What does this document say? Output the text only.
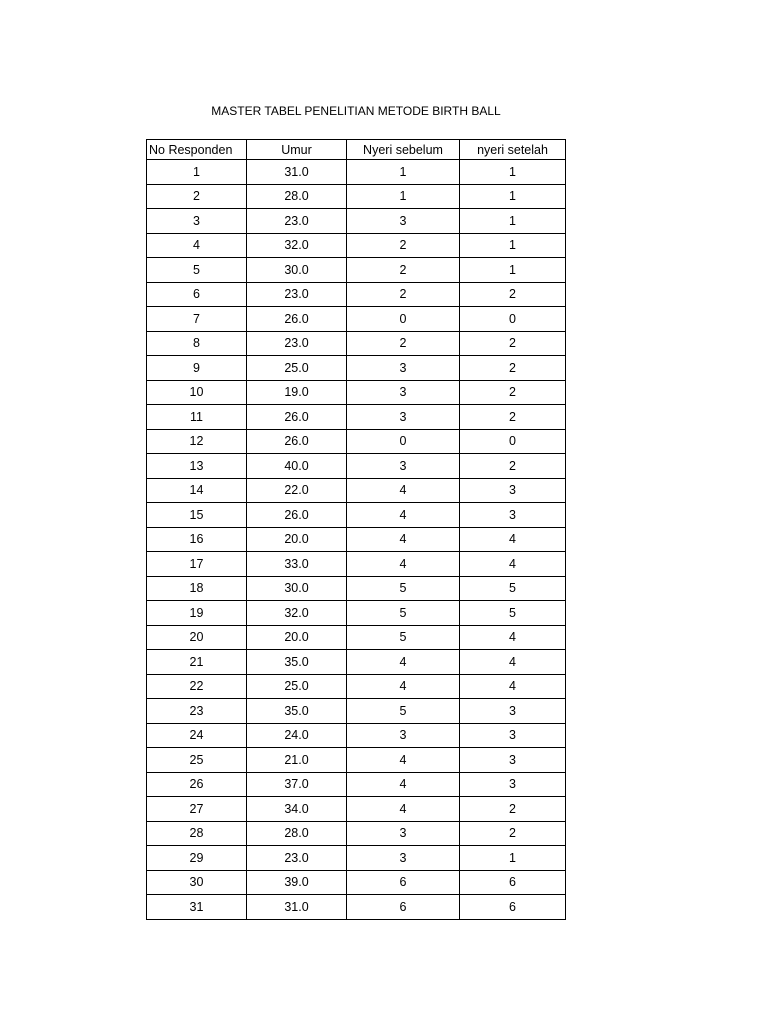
MASTER TABEL PENELITIAN METODE BIRTH BALL
No Responden	Umur	Nyeri sebelum	nyeri setelah
1	31.0	1	1
2	28.0	1	1
3	23.0	3	1
4	32.0	2	1
5	30.0	2	1
6	23.0	2	2
7	26.0	0	0
8	23.0	2	2
9	25.0	3	2
10	19.0	3	2
11	26.0	3	2
12	26.0	0	0
13	40.0	3	2
14	22.0	4	3
15	26.0	4	3
16	20.0	4	4
17	33.0	4	4
18	30.0	5	5
19	32.0	5	5
20	20.0	5	4
21	35.0	4	4
22	25.0	4	4
23	35.0	5	3
24	24.0	3	3
25	21.0	4	3
26	37.0	4	3
27	34.0	4	2
28	28.0	3	2
29	23.0	3	1
30	39.0	6	6
31	31.0	6	6
